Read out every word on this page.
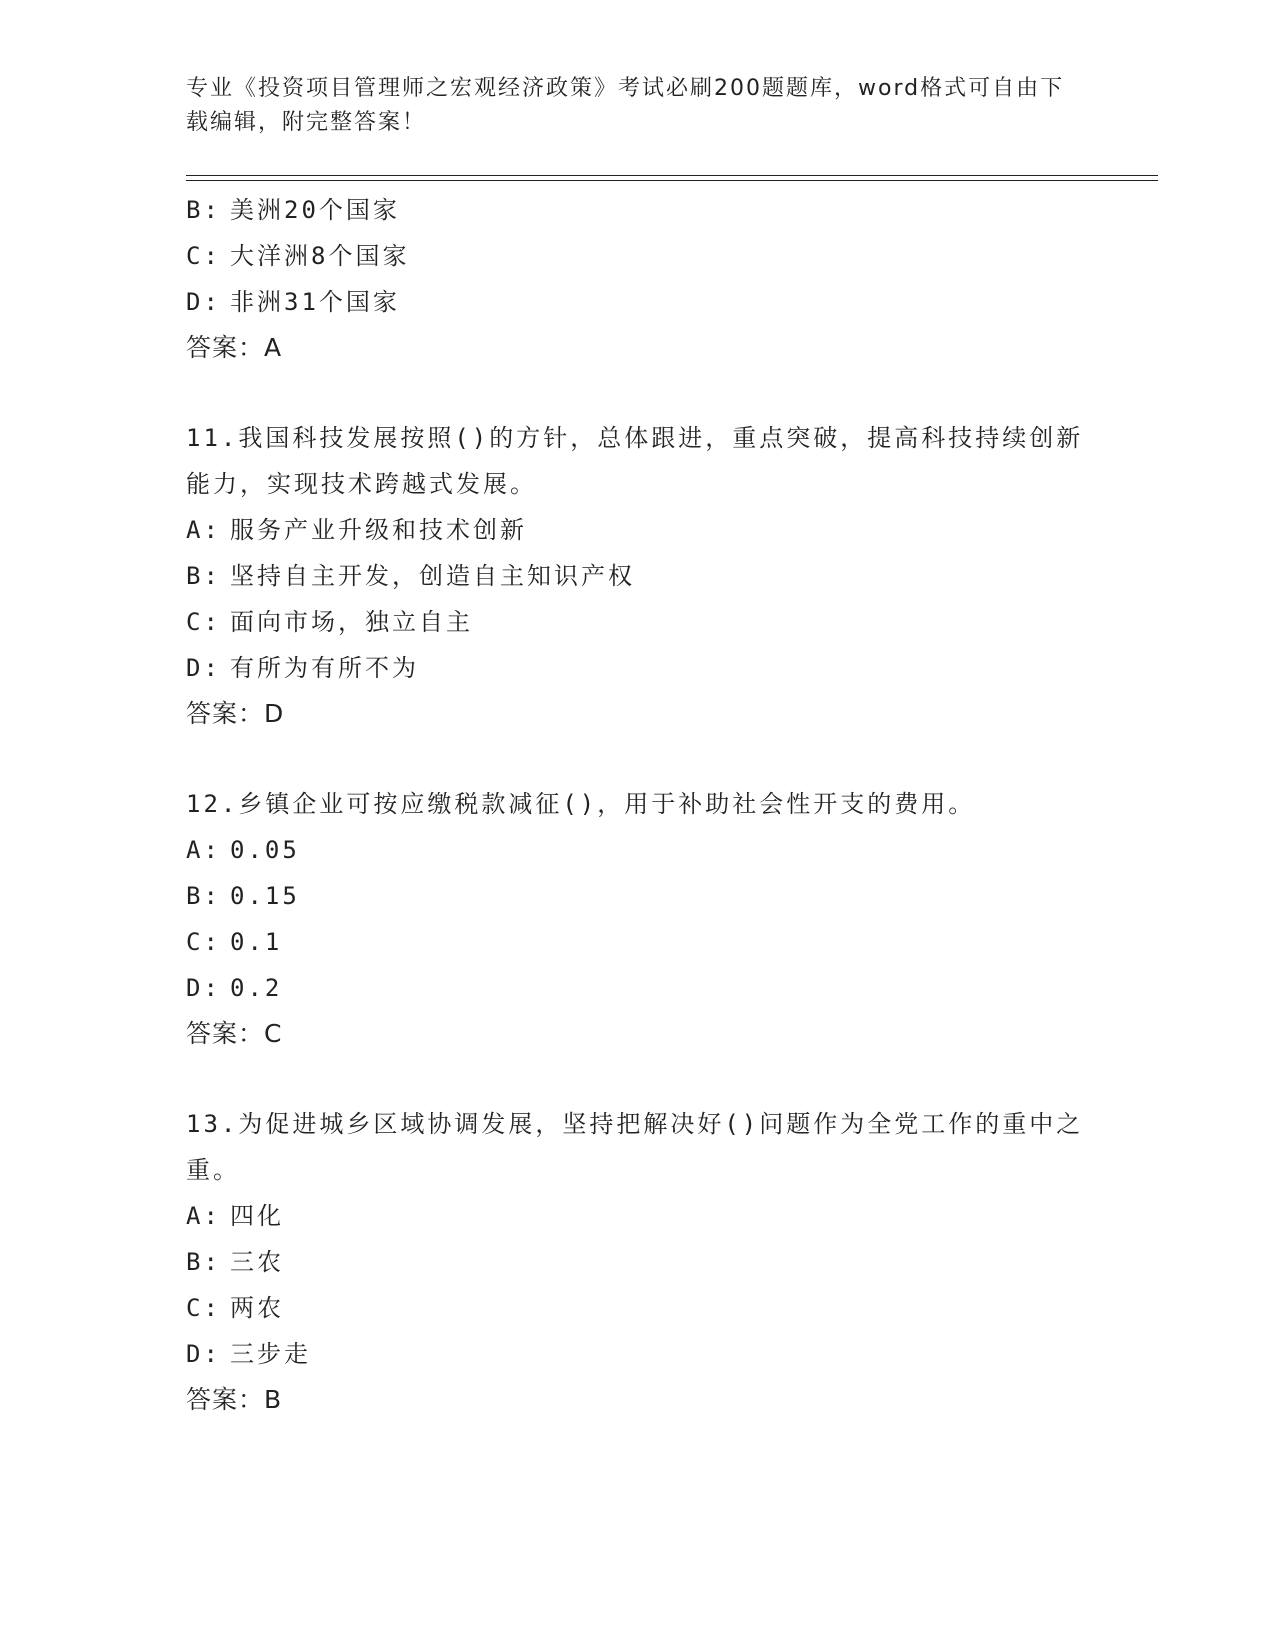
专业《投资项目管理师之宏观经济政策》考试必刷200题题库，word格式可自由下载编辑，附完整答案！
B: 美洲20个国家
C: 大洋洲8个国家
D: 非洲31个国家
答案：A
11.我国科技发展按照()的方针，总体跟进，重点突破，提高科技持续创新能力，实现技术跨越式发展。
A: 服务产业升级和技术创新
B: 坚持自主开发，创造自主知识产权
C: 面向市场，独立自主
D: 有所为有所不为
答案：D
12.乡镇企业可按应缴税款减征()，用于补助社会性开支的费用。
A: 0.05
B: 0.15
C: 0.1
D: 0.2
答案：C
13.为促进城乡区域协调发展，坚持把解决好()问题作为全党工作的重中之重。
A: 四化
B: 三农
C: 两农
D: 三步走
答案：B
